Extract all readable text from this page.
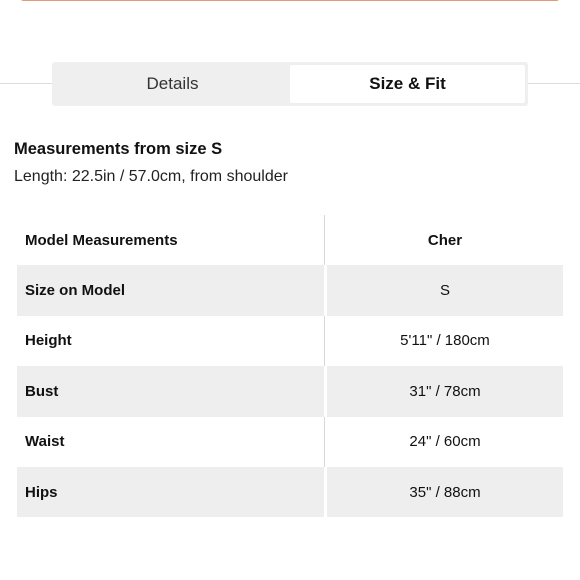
Details	Size & Fit

Measurements from size S

Length: 22.5in / 57.0cm, from shoulder

Model Measurements	Cher
Size on Model	S
Height	5'11" / 180cm
Bust	31" / 78cm
Waist	24" / 60cm
Hips	35" / 88cm
